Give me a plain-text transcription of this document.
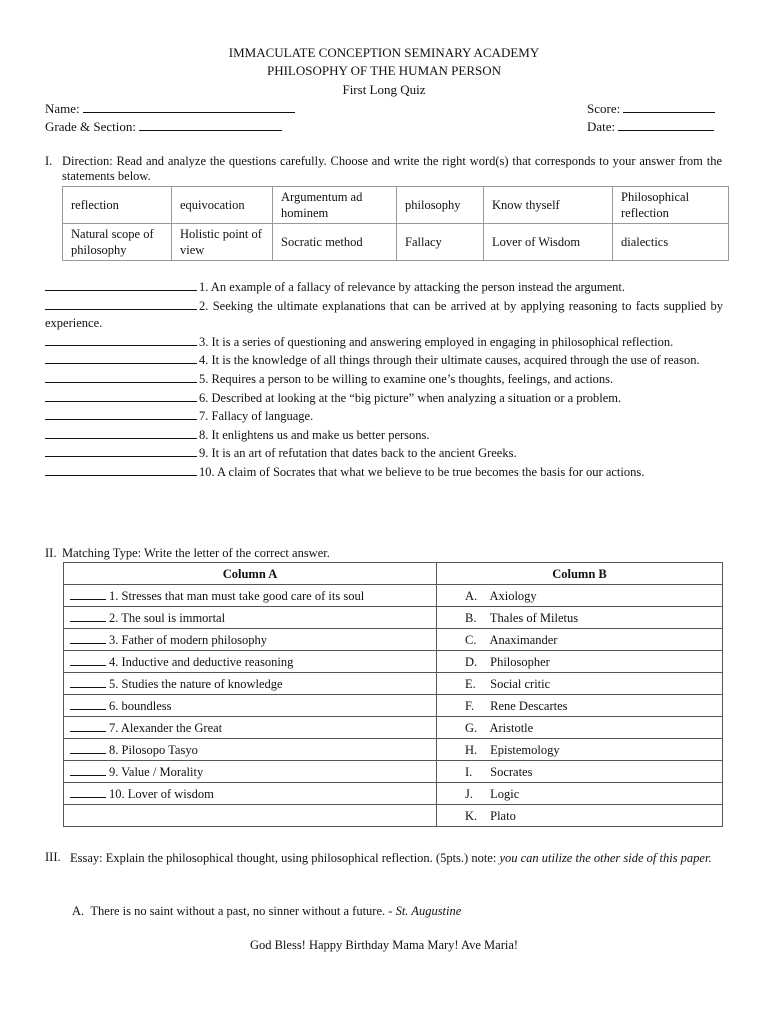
IMMACULATE CONCEPTION SEMINARY ACADEMY
PHILOSOPHY OF THE HUMAN PERSON
First Long Quiz
Name:	Score:
Grade & Section:	Date:
I. Direction: Read and analyze the questions carefully. Choose and write the right word(s) that corresponds to your answer from the statements below.
reflection	equivocation	Argumentum ad hominem	philosophy	Know thyself	Philosophical reflection
Natural scope of philosophy	Holistic point of view	Socratic method	Fallacy	Lover of Wisdom	dialectics
1. An example of a fallacy of relevance by attacking the person instead the argument.
2. Seeking the ultimate explanations that can be arrived at by applying reasoning to facts supplied by experience.
3. It is a series of questioning and answering employed in engaging in philosophical reflection.
4. It is the knowledge of all things through their ultimate causes, acquired through the use of reason.
5. Requires a person to be willing to examine one’s thoughts, feelings, and actions.
6. Described at looking at the “big picture” when analyzing a situation or a problem.
7. Fallacy of language.
8. It enlightens us and make us better persons.
9. It is an art of refutation that dates back to the ancient Greeks.
10. A claim of Socrates that what we believe to be true becomes the basis for our actions.
II. Matching Type: Write the letter of the correct answer.
Column A	Column B
1. Stresses that man must take good care of its soul	A. Axiology
2. The soul is immortal	B. Thales of Miletus
3. Father of modern philosophy	C. Anaximander
4. Inductive and deductive reasoning	D. Philosopher
5. Studies the nature of knowledge	E. Social critic
6. boundless	F. Rene Descartes
7. Alexander the Great	G. Aristotle
8. Pilosopo Tasyo	H. Epistemology
9. Value / Morality	I. Socrates
10. Lover of wisdom	J. Logic
	K. Plato
III. Essay: Explain the philosophical thought, using philosophical reflection. (5pts.) note: you can utilize the other side of this paper.
A. There is no saint without a past, no sinner without a future. - St. Augustine
God Bless! Happy Birthday Mama Mary! Ave Maria!
